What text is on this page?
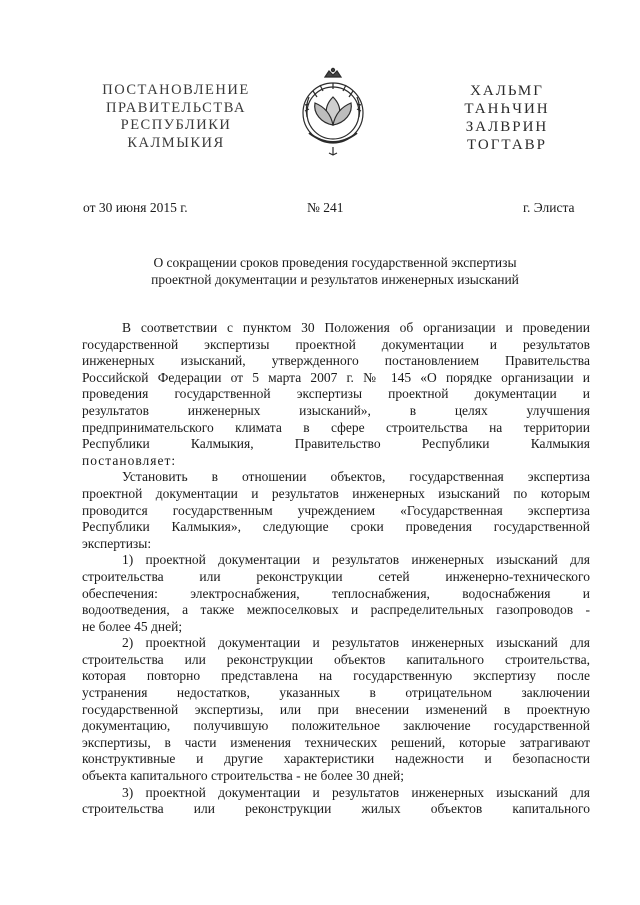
ПОСТАНОВЛЕНИЕ
ПРАВИТЕЛЬСТВА
РЕСПУБЛИКИ
КАЛМЫКИЯ
ХАЛЬМГ
ТАНҺЧИН
ЗАЛВРИН
ТОГТАВР
от 30 июня 2015 г.	№ 241	г. Элиста
О сокращении сроков проведения государственной экспертизы
проектной документации и результатов инженерных изысканий
В соответствии с пунктом 30 Положения об организации и проведении
государственной экспертизы проектной документации и результатов
инженерных изысканий, утвержденного постановлением Правительства
Российской Федерации от 5 марта 2007 г. № 145 «О порядке организации и
проведения государственной экспертизы проектной документации и
результатов инженерных изысканий», в целях улучшения
предпринимательского климата в сфере строительства на территории
Республики Калмыкия, Правительство Республики Калмыкия
постановляет:
Установить в отношении объектов, государственная экспертиза
проектной документации и результатов инженерных изысканий по которым
проводится государственным учреждением «Государственная экспертиза
Республики Калмыкия», следующие сроки проведения государственной
экспертизы:
1) проектной документации и результатов инженерных изысканий для
строительства или реконструкции сетей инженерно-технического
обеспечения: электроснабжения, теплоснабжения, водоснабжения и
водоотведения, а также межпоселковых и распределительных газопроводов -
не более 45 дней;
2) проектной документации и результатов инженерных изысканий для
строительства или реконструкции объектов капитального строительства,
которая повторно представлена на государственную экспертизу после
устранения недостатков, указанных в отрицательном заключении
государственной экспертизы, или при внесении изменений в проектную
документацию, получившую положительное заключение государственной
экспертизы, в части изменения технических решений, которые затрагивают
конструктивные и другие характеристики надежности и безопасности
объекта капитального строительства - не более 30 дней;
3) проектной документации и результатов инженерных изысканий для
строительства или реконструкции жилых объектов капитального
